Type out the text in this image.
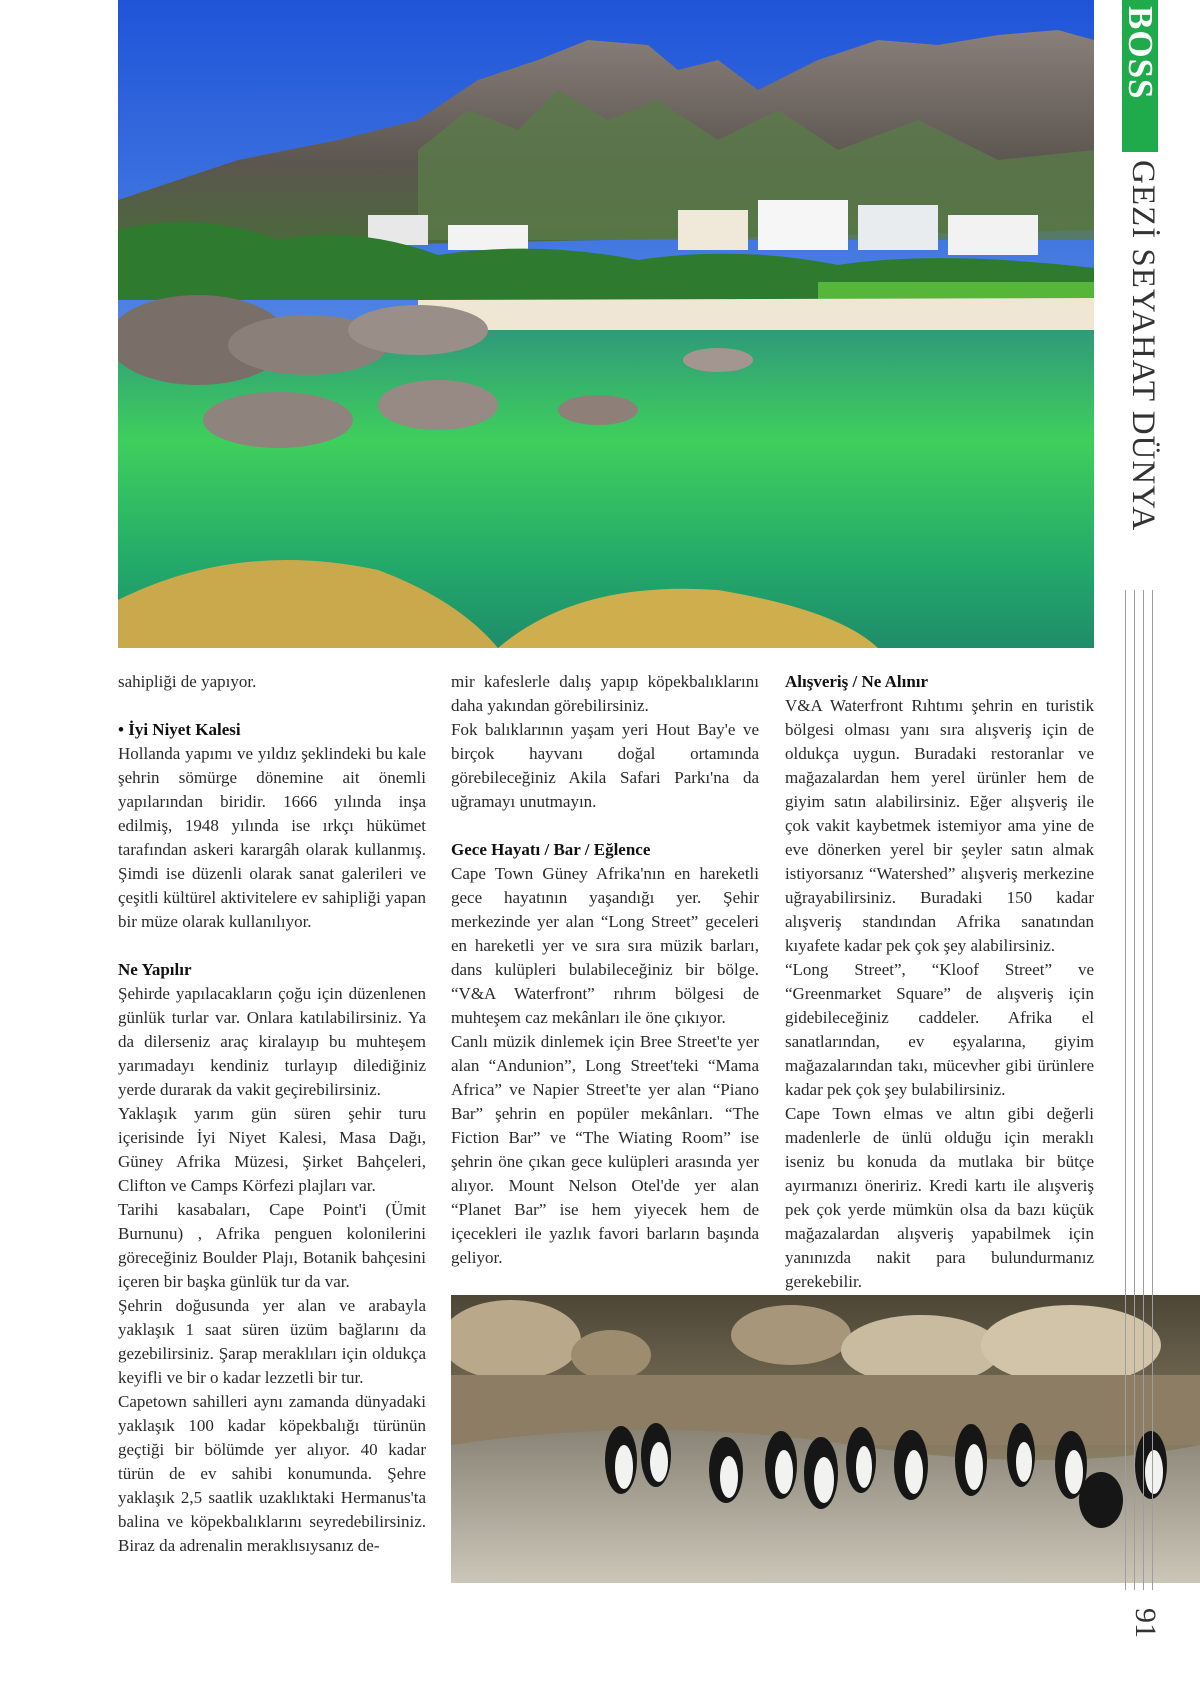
BOSS
GEZİ SEYAHAT DÜNYA
91

sahipliği de yapıyor.

• İyi Niyet Kalesi

Hollanda yapımı ve yıldız şeklindeki bu kale şehrin sömürge dönemine ait önemli yapılarından biridir. 1666 yılında inşa edilmiş, 1948 yılında ise ırkçı hükümet tarafından askeri karargâh olarak kullanmış. Şimdi ise düzenli olarak sanat galerileri ve çeşitli kültürel aktivitelere ev sahipliği yapan bir müze olarak kullanılıyor.

Ne Yapılır

Şehirde yapılacakların çoğu için düzenlenen günlük turlar var. Onlara katılabilirsiniz. Ya da dilerseniz araç kiralayıp bu muhteşem yarımadayı kendiniz turlayıp dilediğiniz yerde durarak da vakit geçirebilirsiniz.

Yaklaşık yarım gün süren şehir turu içerisinde İyi Niyet Kalesi, Masa Dağı, Güney Afrika Müzesi, Şirket Bahçeleri, Clifton ve Camps Körfezi plajları var.

Tarihi kasabaları, Cape Point'i (Ümit Burnunu) , Afrika penguen kolonilerini göreceğiniz Boulder Plajı, Botanik bahçesini içeren bir başka günlük tur da var.

Şehrin doğusunda yer alan ve arabayla yaklaşık 1 saat süren üzüm bağlarını da gezebilirsiniz. Şarap meraklıları için oldukça keyifli ve bir o kadar lezzetli bir tur.

Capetown sahilleri aynı zamanda dünyadaki yaklaşık 100 kadar köpekbalığı türünün geçtiği bir bölümde yer alıyor. 40 kadar türün de ev sahibi konumunda. Şehre yaklaşık 2,5 saatlik uzaklıktaki Hermanus'ta balina ve köpekbalıklarını seyredebilirsiniz. Biraz da adrenalin meraklısıysanız de-

mir kafeslerle dalış yapıp köpekbalıklarını daha yakından görebilirsiniz.

Fok balıklarının yaşam yeri Hout Bay'e ve birçok hayvanı doğal ortamında görebileceğiniz Akila Safari Parkı'na da uğramayı unutmayın.

Gece Hayatı / Bar / Eğlence

Cape Town Güney Afrika'nın en hareketli gece hayatının yaşandığı yer. Şehir merkezinde yer alan “Long Street” geceleri en hareketli yer ve sıra sıra müzik barları, dans kulüpleri bulabileceğiniz bir bölge. “V&A Waterfront” rıhrım bölgesi de muhteşem caz mekânları ile öne çıkıyor.

Canlı müzik dinlemek için Bree Street'te yer alan “Andunion”, Long Street'teki “Mama Africa” ve Napier Street'te yer alan “Piano Bar” şehrin en popüler mekânları. “The Fiction Bar” ve “The Wiating Room” ise şehrin öne çıkan gece kulüpleri arasında yer alıyor. Mount Nelson Otel'de yer alan “Planet Bar” ise hem yiyecek hem de içecekleri ile yazlık favori barların başında geliyor.

Alışveriş / Ne Alınır

V&A Waterfront Rıhtımı şehrin en turistik bölgesi olması yanı sıra alışveriş için de oldukça uygun. Buradaki restoranlar ve mağazalardan hem yerel ürünler hem de giyim satın alabilirsiniz. Eğer alışveriş ile çok vakit kaybetmek istemiyor ama yine de eve dönerken yerel bir şeyler satın almak istiyorsanız “Watershed” alışveriş merkezine uğrayabilirsiniz. Buradaki 150 kadar alışveriş standından Afrika sanatından kıyafete kadar pek çok şey alabilirsiniz.

“Long Street”, “Kloof Street” ve “Greenmarket Square” de alışveriş için gidebileceğiniz caddeler. Afrika el sanatlarından, ev eşyalarına, giyim mağazalarından takı, mücevher gibi ürünlere kadar pek çok şey bulabilirsiniz.

Cape Town elmas ve altın gibi değerli madenlerle de ünlü olduğu için meraklı iseniz bu konuda da mutlaka bir bütçe ayırmanızı öneririz. Kredi kartı ile alışveriş pek çok yerde mümkün olsa da bazı küçük mağazalardan alışveriş yapabilmek için yanınızda nakit para bulundurmanız gerekebilir.
